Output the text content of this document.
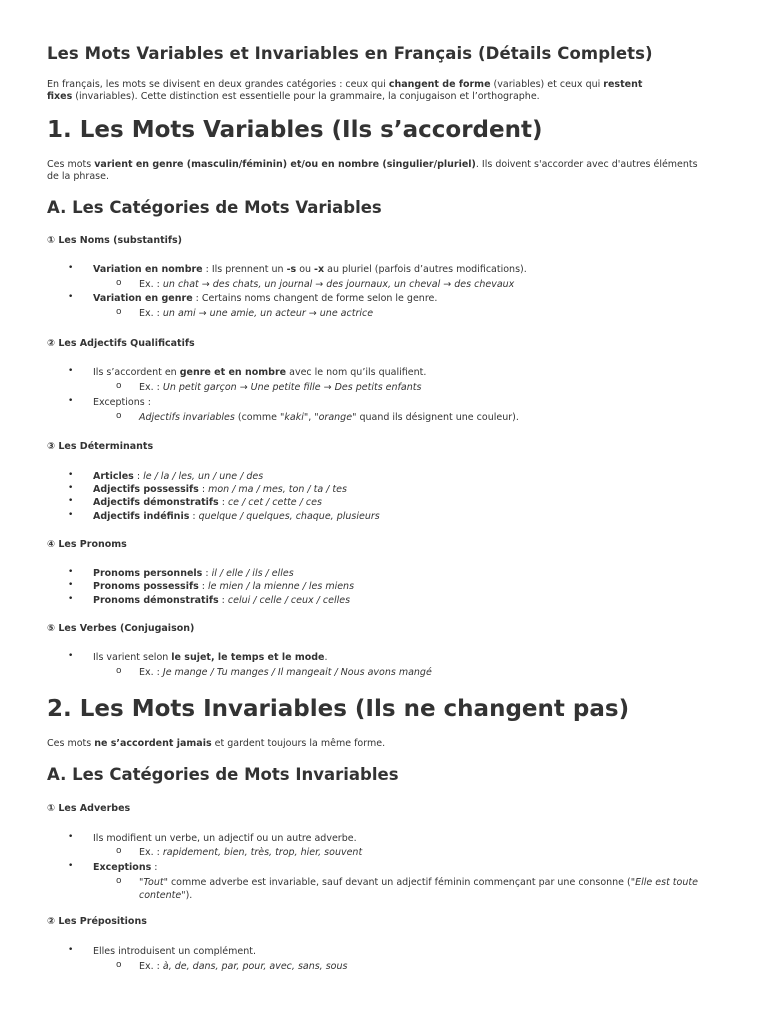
Les Mots Variables et Invariables en Français (Détails Complets)

En français, les mots se divisent en deux grandes catégories : ceux qui changent de forme (variables) et ceux qui restent
fixes (invariables). Cette distinction est essentielle pour la grammaire, la conjugaison et l’orthographe.

1. Les Mots Variables (Ils s’accordent)

Ces mots varient en genre (masculin/féminin) et/ou en nombre (singulier/pluriel). Ils doivent s'accorder avec d'autres éléments
de la phrase.

A. Les Catégories de Mots Variables
① Les Noms (substantifs)
• Variation en nombre : Ils prennent un -s ou -x au pluriel (parfois d’autres modifications).
o Ex. : un chat → des chats, un journal → des journaux, un cheval → des chevaux
• Variation en genre : Certains noms changent de forme selon le genre.
o Ex. : un ami → une amie, un acteur → une actrice
② Les Adjectifs Qualificatifs
• Ils s’accordent en genre et en nombre avec le nom qu’ils qualifient.
o Ex. : Un petit garçon → Une petite fille → Des petits enfants
• Exceptions :
o Adjectifs invariables (comme "kaki", "orange" quand ils désignent une couleur).
③ Les Déterminants
• Articles : le / la / les, un / une / des
• Adjectifs possessifs : mon / ma / mes, ton / ta / tes
• Adjectifs démonstratifs : ce / cet / cette / ces
• Adjectifs indéfinis : quelque / quelques, chaque, plusieurs
④ Les Pronoms
• Pronoms personnels : il / elle / ils / elles
• Pronoms possessifs : le mien / la mienne / les miens
• Pronoms démonstratifs : celui / celle / ceux / celles
⑤ Les Verbes (Conjugaison)
• Ils varient selon le sujet, le temps et le mode.
o Ex. : Je mange / Tu manges / Il mangeait / Nous avons mangé
2. Les Mots Invariables (Ils ne changent pas)

Ces mots ne s’accordent jamais et gardent toujours la même forme.

A. Les Catégories de Mots Invariables
① Les Adverbes
• Ils modifient un verbe, un adjectif ou un autre adverbe.
o Ex. : rapidement, bien, très, trop, hier, souvent
• Exceptions :
o "Tout" comme adverbe est invariable, sauf devant un adjectif féminin commençant par une consonne ("Elle est toute
contente").
② Les Prépositions
• Elles introduisent un complément.
o Ex. : à, de, dans, par, pour, avec, sans, sous
